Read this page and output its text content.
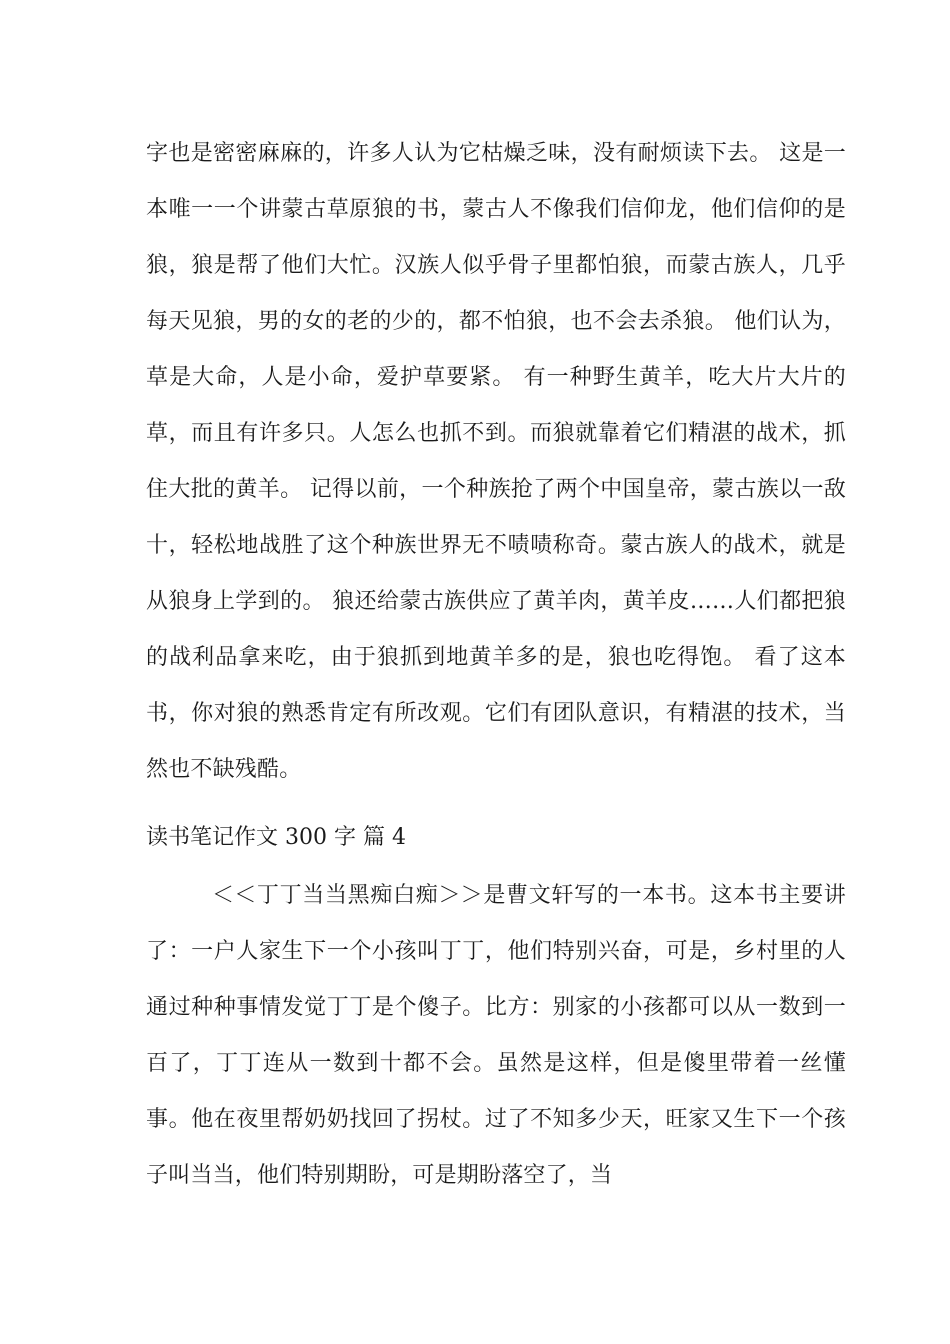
字也是密密麻麻的，许多人认为它枯燥乏味，没有耐烦读下去。 这是一本唯一一个讲蒙古草原狼的书，蒙古人不像我们信仰龙，他们信仰的是狼，狼是帮了他们大忙。汉族人似乎骨子里都怕狼，而蒙古族人，几乎每天见狼，男的女的老的少的，都不怕狼，也不会去杀狼。 他们认为，草是大命，人是小命，爱护草要紧。 有一种野生黄羊，吃大片大片的草，而且有许多只。人怎么也抓不到。而狼就靠着它们精湛的战术，抓住大批的黄羊。 记得以前，一个种族抢了两个中国皇帝，蒙古族以一敌十，轻松地战胜了这个种族世界无不啧啧称奇。蒙古族人的战术，就是从狼身上学到的。 狼还给蒙古族供应了黄羊肉，黄羊皮……人们都把狼的战利品拿来吃，由于狼抓到地黄羊多的是，狼也吃得饱。 看了这本书，你对狼的熟悉肯定有所改观。它们有团队意识，有精湛的技术，当然也不缺残酷。

读书笔记作文 300 字 篇 4

＜＜丁丁当当黑痴白痴＞＞是曹文轩写的一本书。这本书主要讲了：一户人家生下一个小孩叫丁丁，他们特别兴奋，可是，乡村里的人通过种种事情发觉丁丁是个傻子。比方：别家的小孩都可以从一数到一百了，丁丁连从一数到十都不会。虽然是这样，但是傻里带着一丝懂事。他在夜里帮奶奶找回了拐杖。过了不知多少天，旺家又生下一个孩子叫当当，他们特别期盼，可是期盼落空了，当
